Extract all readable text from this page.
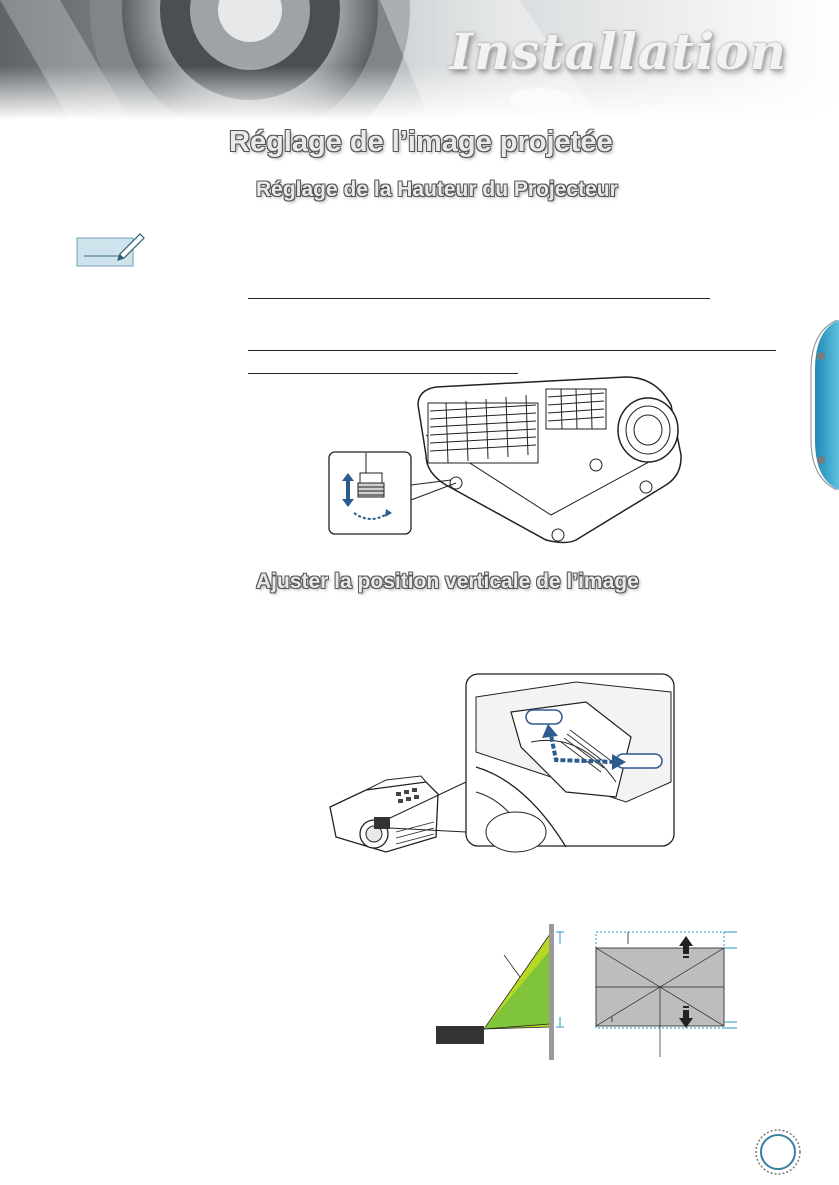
Installation
Réglage de l’image projetée
Réglage de la Hauteur du Projecteur
Ajuster la position verticale de l’image
